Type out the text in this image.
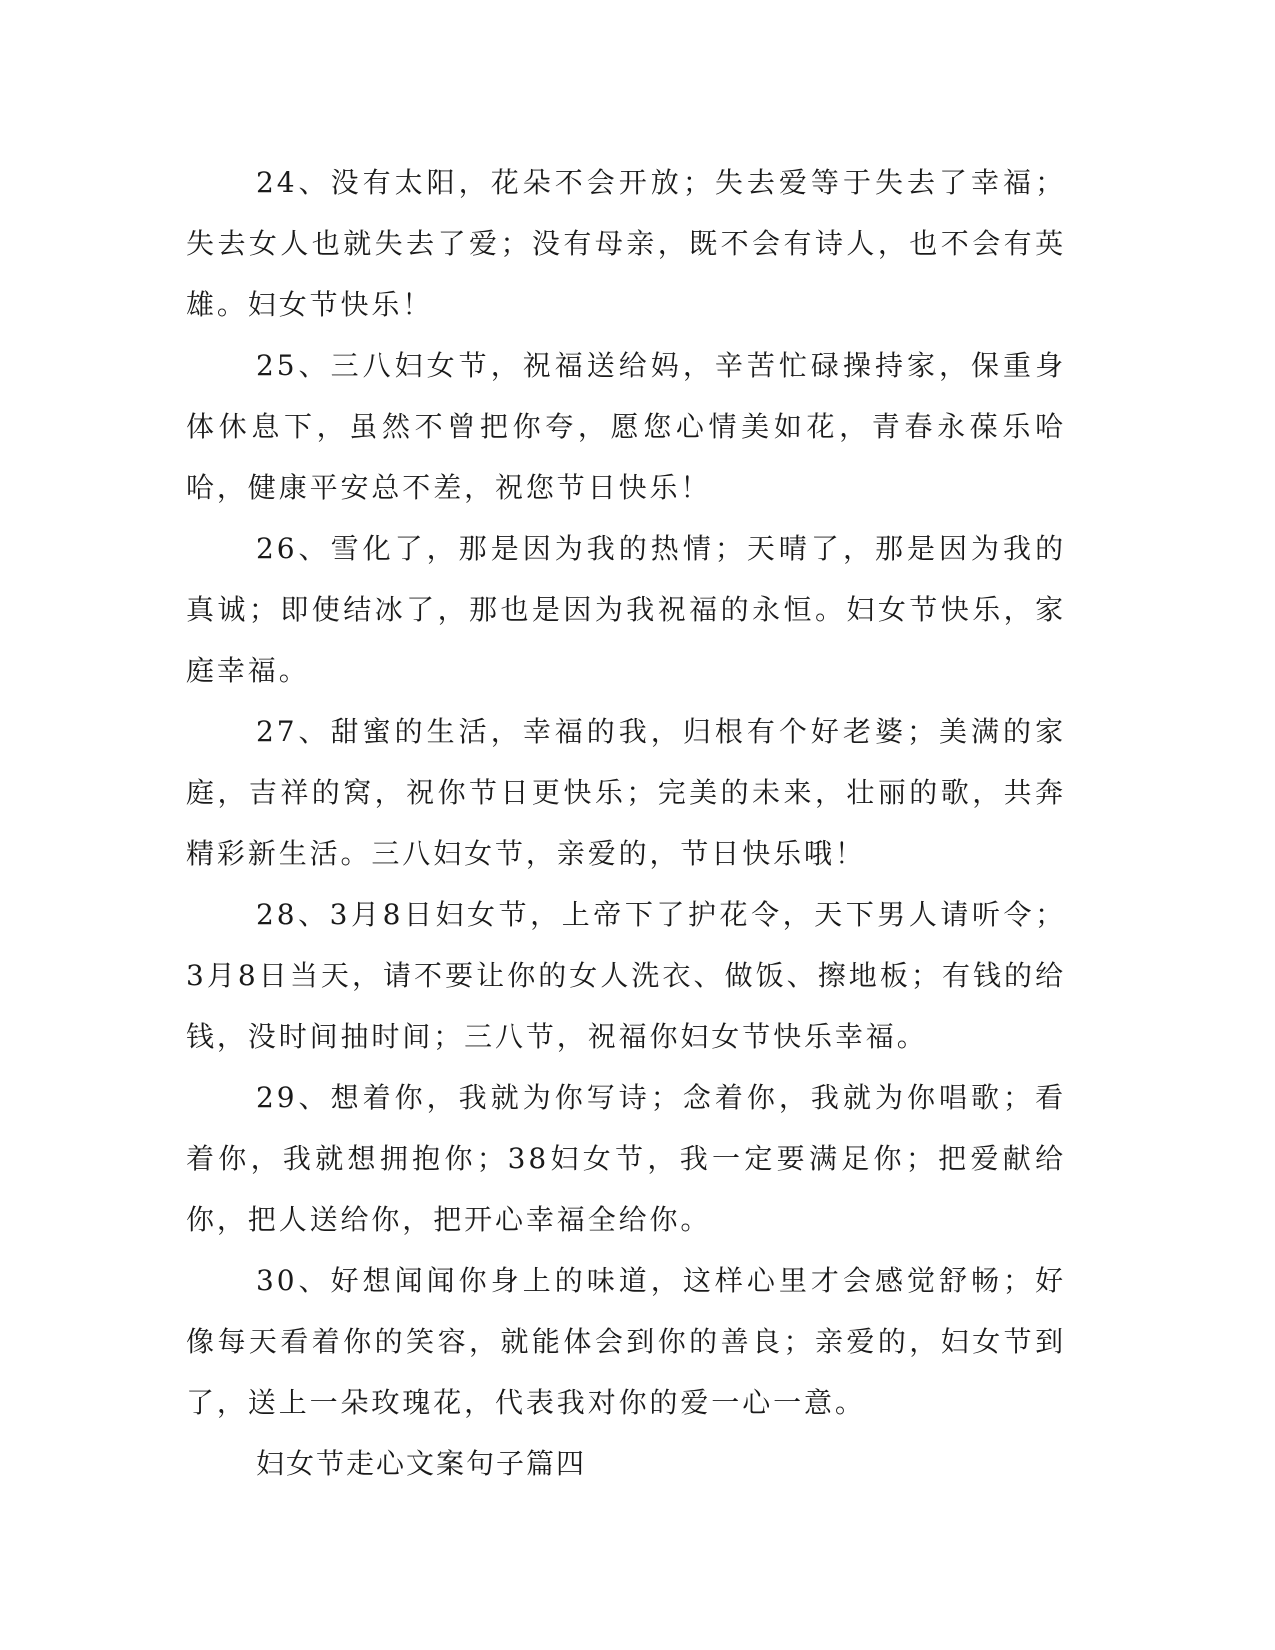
24、没有太阳，花朵不会开放；失去爱等于失去了幸福；失去女人也就失去了爱；没有母亲，既不会有诗人，也不会有英雄。妇女节快乐！

25、三八妇女节，祝福送给妈，辛苦忙碌操持家，保重身体休息下，虽然不曾把你夸，愿您心情美如花，青春永葆乐哈哈，健康平安总不差，祝您节日快乐！

26、雪化了，那是因为我的热情；天晴了，那是因为我的真诚；即使结冰了，那也是因为我祝福的永恒。妇女节快乐，家庭幸福。

27、甜蜜的生活，幸福的我，归根有个好老婆；美满的家庭，吉祥的窝，祝你节日更快乐；完美的未来，壮丽的歌，共奔精彩新生活。三八妇女节，亲爱的，节日快乐哦！

28、3月8日妇女节，上帝下了护花令，天下男人请听令；3月8日当天，请不要让你的女人洗衣、做饭、擦地板；有钱的给钱，没时间抽时间；三八节，祝福你妇女节快乐幸福。

29、想着你，我就为你写诗；念着你，我就为你唱歌；看着你，我就想拥抱你；38妇女节，我一定要满足你；把爱献给你，把人送给你，把开心幸福全给你。

30、好想闻闻你身上的味道，这样心里才会感觉舒畅；好像每天看着你的笑容，就能体会到你的善良；亲爱的，妇女节到了，送上一朵玫瑰花，代表我对你的爱一心一意。

妇女节走心文案句子篇四
